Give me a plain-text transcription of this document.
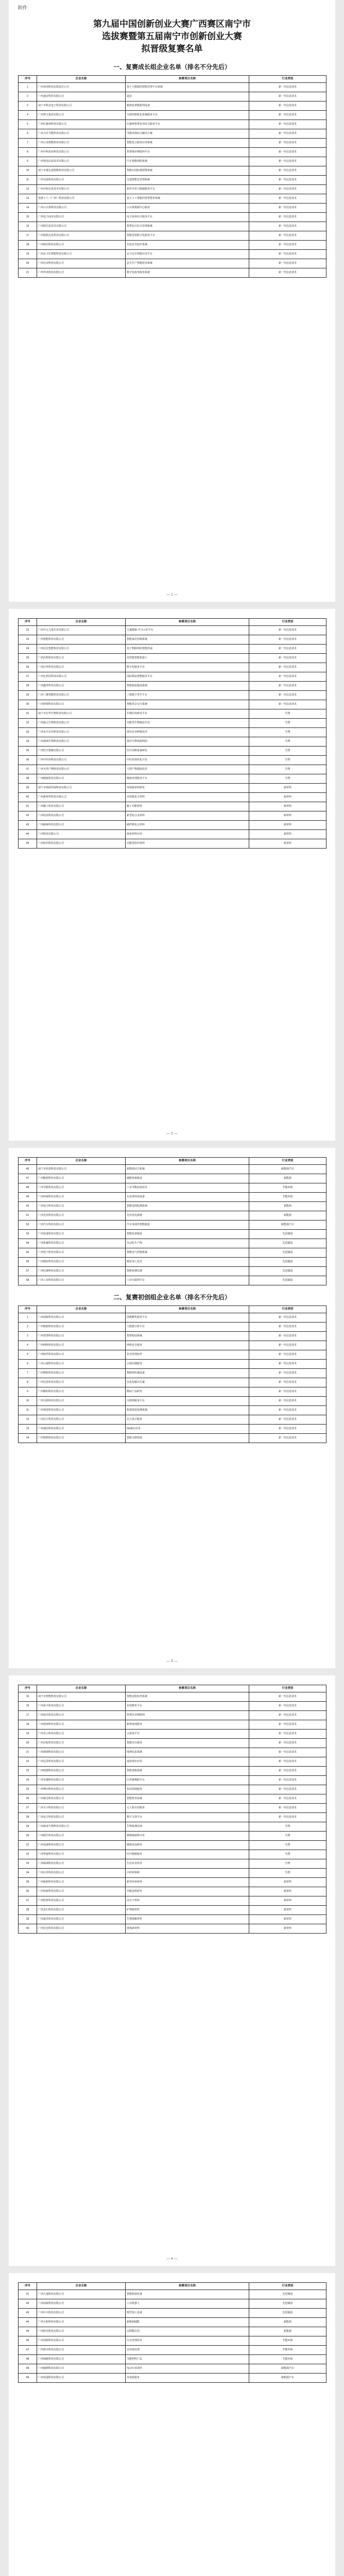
附件
第九届中国创新创业大赛广西赛区南宁市
选拔赛暨第五届南宁市创新创业大赛
拟晋级复赛名单
一、复赛成长组企业名单（排名不分先后）
序号	企业名称	参赛项目名称	行业类别
1	广西亚创科技有限责任公司	基于大数据的智能管理平台系统	新一代信息技术
2	广西道安科技有限公司	道安	新一代信息技术
3	南宁市科达电子科技有限公司	精准化智能配网设备	新一代信息技术
4	广西智宝集团有限公司	互联网智能化系统服务平台	新一代信息技术
5	广西红森林科技有限公司	红森林智慧农业综合服务平台	新一代信息技术
6	广西力沃节能科技有限公司	节能环保综合解决方案	新一代信息技术
7	广西云众智能科技有限公司	智能化云服务应用系统	新一代信息技术
8	广西中科蓝谷科技有限公司	智慧城市物联网平台	新一代信息技术
9	广西智迅信息技术有限公司	汽车智能网联系统	新一代信息技术
10	南宁市睿亿通智能科技有限公司	智能识别监测预警系统	新一代信息技术
11	广西交投科技有限公司	交通智能化管理系统	新一代信息技术
12	广西中软信息技术有限公司	软件开发与数据服务平台	新一代信息技术
13	桂林十六（广西）科技有限公司	基于人工智能的智慧教育系统	新一代信息技术
14	广西云计算科技有限公司	云计算数据中心服务	新一代信息技术
15	广西电子商务有限公司	电子商务综合服务平台	新一代信息技术
16	广西联信息技术有限公司	智慧社区综合管理系统	新一代信息技术
17	广西盈联信息科技有限公司	智能营销数字化服务平台	新一代信息技术
18	广西鼎信科技有限公司	信息安全防护系统	新一代信息技术
19	广西北斗位智能科技有限公司	北斗定位智能应用平台	新一代信息技术
20	广西宏安科技有限公司	安全生产智能监管系统	新一代信息技术
21	广西华讯科技有限公司	数字化政务服务系统	新一代信息技术
— 1 —
序号	企业名称	参赛项目名称	行业类别
22	广西中元天成实业有限公司	儿童健康·学习示范平台	新一代信息技术
23	广西智能科技有限公司	智能家居控制系统	新一代信息技术
24	广西信达智能科技有限公司	基于物联网的智能终端	新一代信息技术
25	广西昌科科技有限公司	高性能智能机器人	新一代信息技术
26	广西汉华科技有限公司	数字化服务平台	新一代信息技术
27	广西亿利达科技有限公司	国际物流智能服务平台	新一代信息技术
28	广西鑫华科技有限公司	智能制造集成系统	新一代信息技术
29	广西三维智能科技有限公司	三维数字孪生平台	新一代信息技术
30	广西智领科技有限公司	智能语音交互系统	新一代信息技术
31	南宁市宏华生物科技有限公司	生物医药研发平台	生物
32	广西康元生物科技有限公司	功能性生物制品开发	生物
33	广西禾丰农业科技有限公司	现代农业种植技术	生物
34	广西海纳生物科技有限公司	海洋生物资源利用	生物
35	广西医疗器械有限公司	医疗诊断设备研发	生物
36	广西中医药科技有限公司	中医药现代化开发	生物
37	广西天然产物科技有限公司	天然产物提取技术	生物
38	广西健康科技有限公司	健康管理服务平台	生物
39	南宁市绿源环保科技有限公司	环保新材料研发	新材料
40	广西新材料科技有限公司	高性能复合材料	新材料
41	广西稀土科技有限公司	稀土功能材料	新材料
42	广西铝业科技有限公司	新型铝合金材料	新材料
43	广西碳素科技有限公司	碳纤维复合材料	新材料
44	广西科技有限公司	纳米材料应用	新材料
45	广西纺织科技有限公司	功能性纺织材料	新材料
— 2 —
序号	企业名称	参赛项目名称	行业类别
46	南宁市恒泰科技有限公司	新能源动力系统	新能源汽车
47	广西能源科技有限公司	储能系统集成	新能源
48	广西节能科技有限公司	工业节能改造技术	节能环保
49	广西环保科技有限公司	水处理环保设备	节能环保
50	广西电力科技有限公司	智能电网监测系统	新能源
51	广西光伏科技有限公司	光伏发电系统	新能源
52	广西汽车科技有限公司	汽车零部件智能制造	新能源汽车
53	广西装备科技有限公司	智能装备制造	先进制造
54	广西机械科技有限公司	自动化生产线	先进制造
55	广西电气科技有限公司	智能电气控制系统	先进制造
56	广西精密科技有限公司	精密加工技术	先进制造
57	广西仪器科技有限公司	智能检测仪器	先进制造
58	广西工业科技有限公司	工业互联网平台	先进制造
二、复赛初创组企业名单（排名不分先后）
序号	企业名称	参赛项目名称	行业类别
1	广西创新科技有限公司	创新孵化服务平台	新一代信息技术
2	广西数据科技有限公司	大数据分析平台	新一代信息技术
3	广西智慧科技有限公司	智慧校园系统	新一代信息技术
4	广西网络科技有限公司	网络安全服务	新一代信息技术
5	广西软件科技有限公司	企业管理软件	新一代信息技术
6	广西云端科技有限公司	云端存储服务	新一代信息技术
7	广西物联科技有限公司	物联网传感设备	新一代信息技术
8	广西信息科技有限公司	信息化解决方案	新一代信息技术
9	广西数码科技有限公司	数码产品研发	新一代信息技术
10	广西互联科技有限公司	互联网服务平台	新一代信息技术
11	广西视觉科技有限公司	机器视觉检测系统	新一代信息技术
12	广西芯片科技有限公司	芯片设计服务	新一代信息技术
13	广西通信科技有限公司	5G通信应用	新一代信息技术
14	广西智联科技有限公司	智能互联终端	新一代信息技术
— 3 —
序号	企业名称	参赛项目名称	行业类别
15	南宁市智能科技有限公司	智能安防监控系统	新一代信息技术
16	广西星火科技有限公司	在线教育平台	新一代信息技术
17	广西晨光科技有限公司	智慧农业物联网	新一代信息技术
18	广西蓝海科技有限公司	跨境电商服务	新一代信息技术
19	广西青云科技有限公司	云游戏平台	新一代信息技术
20	广西启航科技有限公司	智能出行服务	新一代信息技术
21	广西鸿图科技有限公司	地理信息系统	新一代信息技术
22	广西远景科技有限公司	虚拟现实应用	新一代信息技术
23	广西明德科技有限公司	智能客服系统	新一代信息技术
24	广西卓越科技有限公司	区块链溯源平台	新一代信息技术
25	广西博识科技有限公司	知识图谱服务	新一代信息技术
26	广西睿达科技有限公司	智能财务系统	新一代信息技术
27	广西天宇科技有限公司	无人机应用服务	新一代信息技术
28	广西东方科技有限公司	数字文创平台	新一代信息技术
29	广西康泰生物科技有限公司	生物检测试剂	生物
30	广西源生科技有限公司	植物提取物开发	生物
31	广西益康科技有限公司	健康食品研发	生物
32	广西华康科技有限公司	医疗健康服务	生物
33	广西绿洲科技有限公司	生态农业技术	生物
34	广西百草科技有限公司	中药材种植	生物
35	广西新源科技有限公司	新型环保材料	新材料
36	广西恒新科技有限公司	功能涂料研发	新材料
37	广西锐材科技有限公司	高分子材料	新材料
38	广西金石科技有限公司	矿物新材料	新材料
39	广西嘉禾科技有限公司	生物降解材料	新材料
40	广西宏达科技有限公司	建筑新材料	新材料
— 4 —
序号	企业名称	参赛项目名称	行业类别
41	广西大通科技有限公司	智能制造装备	先进制造
42	广西高新科技有限公司	工业机器人	先进制造
43	广西中兴科技有限公司	数控加工设备	先进制造
44	广西力拓科技有限公司	新能源储能	新能源
45	广西阳光科技有限公司	太阳能应用	新能源
46	广西清源科技有限公司	污水处理技术	节能环保
47	广西碧水科技有限公司	水环境治理	节能环保
48	广西绿能科技有限公司	节能照明产品	节能环保
49	广西驰骋科技有限公司	电动车零部件	新能源汽车
50	广西恒通科技有限公司	充电桩服务	新能源汽车
